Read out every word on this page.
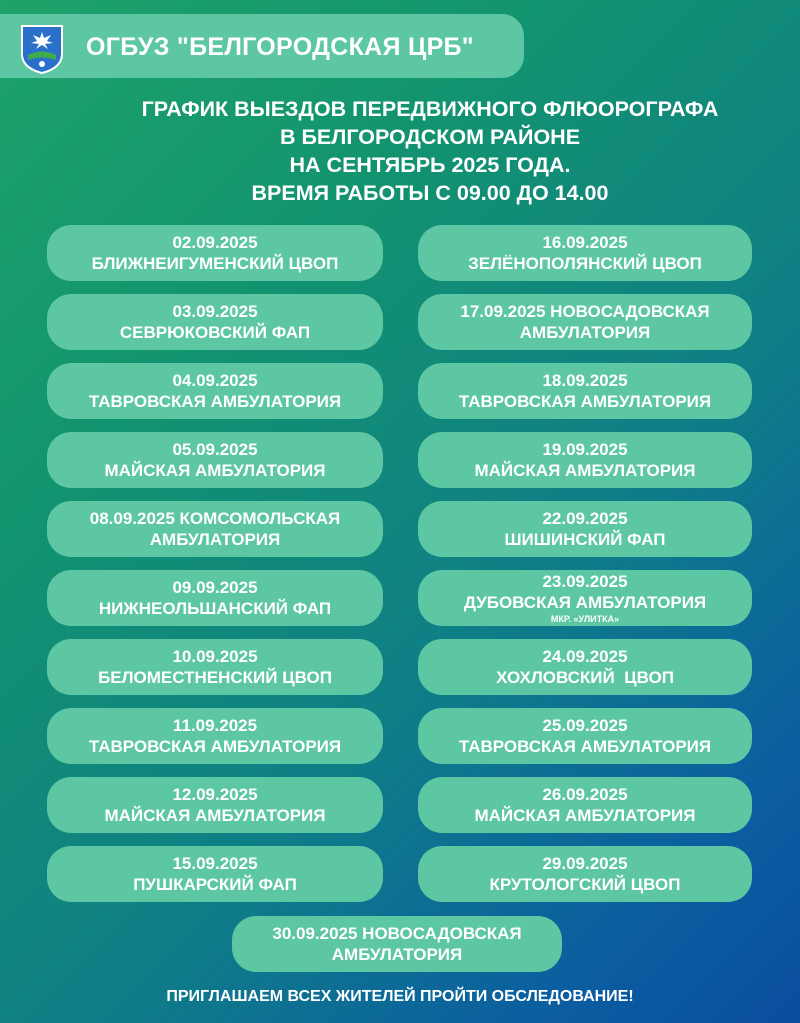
ОГБУЗ "БЕЛГОРОДСКАЯ ЦРБ"
ГРАФИК ВЫЕЗДОВ ПЕРЕДВИЖНОГО ФЛЮОРОГРАФА
В БЕЛГОРОДСКОМ РАЙОНЕ
НА СЕНТЯБРЬ 2025 ГОДА.
ВРЕМЯ РАБОТЫ С 09.00 ДО 14.00
02.09.2025
БЛИЖНЕИГУМЕНСКИЙ ЦВОП
03.09.2025
СЕВРЮКОВСКИЙ ФАП
04.09.2025
ТАВРОВСКАЯ АМБУЛАТОРИЯ
05.09.2025
МАЙСКАЯ АМБУЛАТОРИЯ
08.09.2025 КОМСОМОЛЬСКАЯ
АМБУЛАТОРИЯ
09.09.2025
НИЖНЕОЛЬШАНСКИЙ ФАП
10.09.2025
БЕЛОМЕСТНЕНСКИЙ ЦВОП
11.09.2025
ТАВРОВСКАЯ АМБУЛАТОРИЯ
12.09.2025
МАЙСКАЯ АМБУЛАТОРИЯ
15.09.2025
ПУШКАРСКИЙ ФАП
16.09.2025
ЗЕЛЁНОПОЛЯНСКИЙ ЦВОП
17.09.2025 НОВОСАДОВСКАЯ
АМБУЛАТОРИЯ
18.09.2025
ТАВРОВСКАЯ АМБУЛАТОРИЯ
19.09.2025
МАЙСКАЯ АМБУЛАТОРИЯ
22.09.2025
ШИШИНСКИЙ ФАП
23.09.2025
ДУБОВСКАЯ АМБУЛАТОРИЯ
МКР. «УЛИТКА»
24.09.2025
ХОХЛОВСКИЙ  ЦВОП
25.09.2025
ТАВРОВСКАЯ АМБУЛАТОРИЯ
26.09.2025
МАЙСКАЯ АМБУЛАТОРИЯ
29.09.2025
КРУТОЛОГСКИЙ ЦВОП
30.09.2025 НОВОСАДОВСКАЯ
АМБУЛАТОРИЯ
ПРИГЛАШАЕМ ВСЕХ ЖИТЕЛЕЙ ПРОЙТИ ОБСЛЕДОВАНИЕ!
